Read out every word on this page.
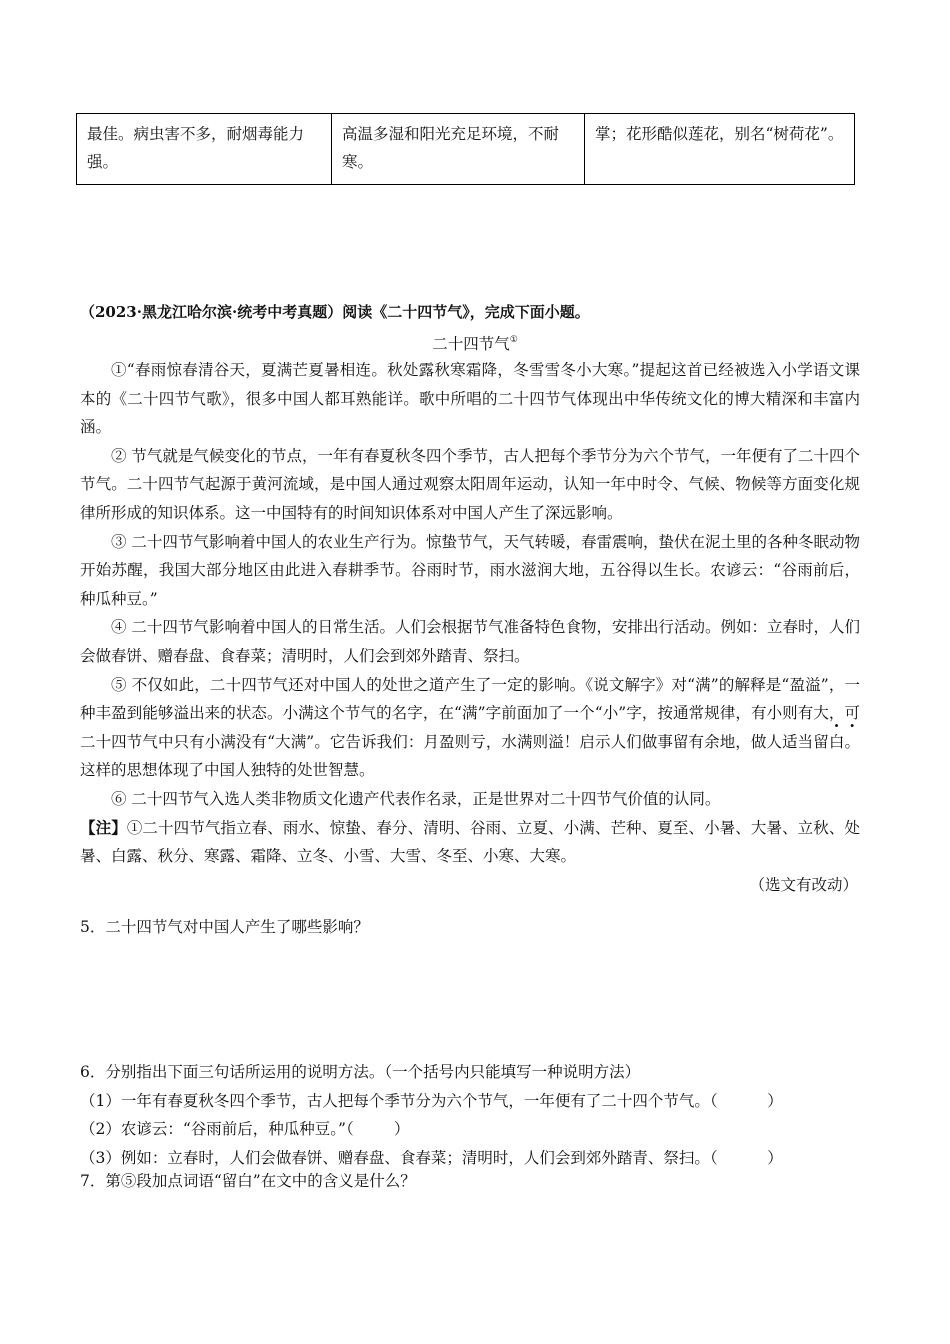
最佳。病虫害不多，耐烟毒能力强。	高温多湿和阳光充足环境，不耐寒。	掌；花形酷似莲花，别名“树荷花”。
（2023·黑龙江哈尔滨·统考中考真题）阅读《二十四节气》，完成下面小题。
二十四节气①

①“春雨惊春清谷天，夏满芒夏暑相连。秋处露秋寒霜降，冬雪雪冬小大寒。”提起这首已经被选入小学语文课本的《二十四节气歌》，很多中国人都耳熟能详。歌中所唱的二十四节气体现出中华传统文化的博大精深和丰富内涵。

② 节气就是气候变化的节点，一年有春夏秋冬四个季节，古人把每个季节分为六个节气，一年便有了二十四个节气。二十四节气起源于黄河流域，是中国人通过观察太阳周年运动，认知一年中时令、气候、物候等方面变化规律所形成的知识体系。这一中国特有的时间知识体系对中国人产生了深远影响。

③ 二十四节气影响着中国人的农业生产行为。惊蛰节气，天气转暖，春雷震响，蛰伏在泥土里的各种冬眠动物开始苏醒，我国大部分地区由此进入春耕季节。谷雨时节，雨水滋润大地，五谷得以生长。农谚云：“谷雨前后，种瓜种豆。”

④ 二十四节气影响着中国人的日常生活。人们会根据节气准备特色食物，安排出行活动。例如：立春时，人们会做春饼、赠春盘、食春菜；清明时，人们会到郊外踏青、祭扫。

⑤ 不仅如此，二十四节气还对中国人的处世之道产生了一定的影响。《说文解字》对“满”的解释是“盈溢”，一种丰盈到能够溢出来的状态。小满这个节气的名字，在“满”字前面加了一个“小”字，按通常规律，有小则有大，可二十四节气中只有小满没有“大满”。它告诉我们：月盈则亏，水满则溢！启示人们做事留有余地，做人适当留白。这样的思想体现了中国人独特的处世智慧。

⑥ 二十四节气入选人类非物质文化遗产代表作名录，正是世界对二十四节气价值的认同。

【注】①二十四节气指立春、雨水、惊蛰、春分、清明、谷雨、立夏、小满、芒种、夏至、小暑、大暑、立秋、处暑、白露、秋分、寒露、霜降、立冬、小雪、大雪、冬至、小寒、大寒。

（选文有改动）

5．二十四节气对中国人产生了哪些影响？

6．分别指出下面三句话所运用的说明方法。（一个括号内只能填写一种说明方法）

（1）一年有春夏秋冬四个季节，古人把每个季节分为六个节气，一年便有了二十四个节气。（	）

（2）农谚云：“谷雨前后，种瓜种豆。”（	）

（3）例如：立春时，人们会做春饼、赠春盘、食春菜；清明时，人们会到郊外踏青、祭扫。（	）

7．第⑤段加点词语“留白”在文中的含义是什么？
